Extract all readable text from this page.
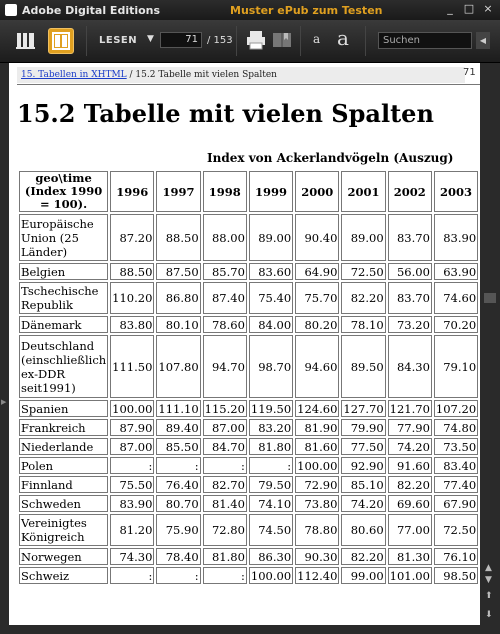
Adobe Digital Editions	Muster ePub zum Testen	_ □ ×
LESEN ▼	71 / 153	a a	Suchen	◀
▶
15. Tabellen in XHTML / 15.2 Tabelle mit vielen Spalten	71
15.2 Tabelle mit vielen Spalten
Index von Ackerlandvögeln (Auszug)
geo\time (Index 1990 = 100).	1996	1997	1998	1999	2000	2001	2002	2003		
Europäische Union (25 Länder)	87.20	88.50	88.00	89.00	90.40	89.00	83.70	83.90		
Belgien	88.50	87.50	85.70	83.60	64.90	72.50	56.00	63.90		
Tschechische Republik	110.20	86.80	87.40	75.40	75.70	82.20	83.70	74.60		
Dänemark	83.80	80.10	78.60	84.00	80.20	78.10	73.20	70.20		
Deutschland (einschließlich ex-DDR seit1991)	111.50	107.80	94.70	98.70	94.60	89.50	84.30	79.10		
Spanien	100.00	111.10	115.20	119.50	124.60	127.70	121.70	107.20		
Frankreich	87.90	89.40	87.00	83.20	81.90	79.90	77.90	74.80		
Niederlande	87.00	85.50	84.70	81.80	81.60	77.50	74.20	73.50		
Polen	:	:	:	:	100.00	92.90	91.60	83.40		
Finnland	75.50	76.40	82.70	79.50	72.90	85.10	82.20	77.40		
Schweden	83.90	80.70	81.40	74.10	73.80	74.20	69.60	67.90		
Vereinigtes Königreich	81.20	75.90	72.80	74.50	78.80	80.60	77.00	72.50		
Norwegen	74.30	78.40	81.80	86.30	90.30	82.20	81.30	76.10		
Schweiz	:	:	:	100.00	112.40	99.00	101.00	98.50		
▲
▼
⬆
⬇
